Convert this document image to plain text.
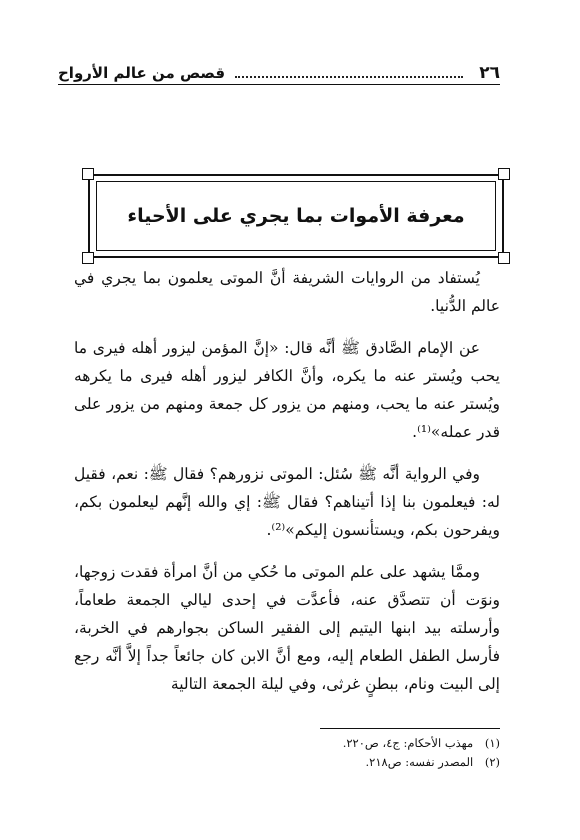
٢٦
قصص من عالم الأرواح
معرفة الأموات بما يجري على الأحياء

يُستفاد من الروايات الشريفة أنَّ الموتى يعلمون بما يجري في عالم الدُّنيا.

عن الإمام الصَّادق ﷺ أنَّه قال: «إنَّ المؤمن ليزور أهله فيرى ما يحب ويُستر عنه ما يكره، وأنَّ الكافر ليزور أهله فيرى ما يكرهه ويُستر عنه ما يحب، ومنهم من يزور كل جمعة ومنهم من يزور على قدر عمله»⁽¹⁾.

وفي الرواية أنَّه ﷺ سُئل: الموتى نزورهم؟ فقال ﷺ: نعم، فقيل له: فيعلمون بنا إذا أتيناهم؟ فقال ﷺ: إي والله إنَّهم ليعلمون بكم، ويفرحون بكم، ويستأنسون إليكم»⁽²⁾.

وممَّا يشهد على علم الموتى ما حُكي من أنَّ امرأة فقدت زوجها، ونوَت أن تتصدَّق عنه، فأعدَّت في إحدى ليالي الجمعة طعاماً، وأرسلته بيد ابنها اليتيم إلى الفقير الساكن بجوارهم في الخربة، فأرسل الطفل الطعام إليه، ومع أنَّ الابن كان جائعاً جداً إلاَّ أنَّه رجع إلى البيت ونام، ببطنٍ غرثى، وفي ليلة الجمعة التالية

(١) مهذب الأحكام: ج٤، ص٢٢٠.
(٢) المصدر نفسه: ص٢١٨.
